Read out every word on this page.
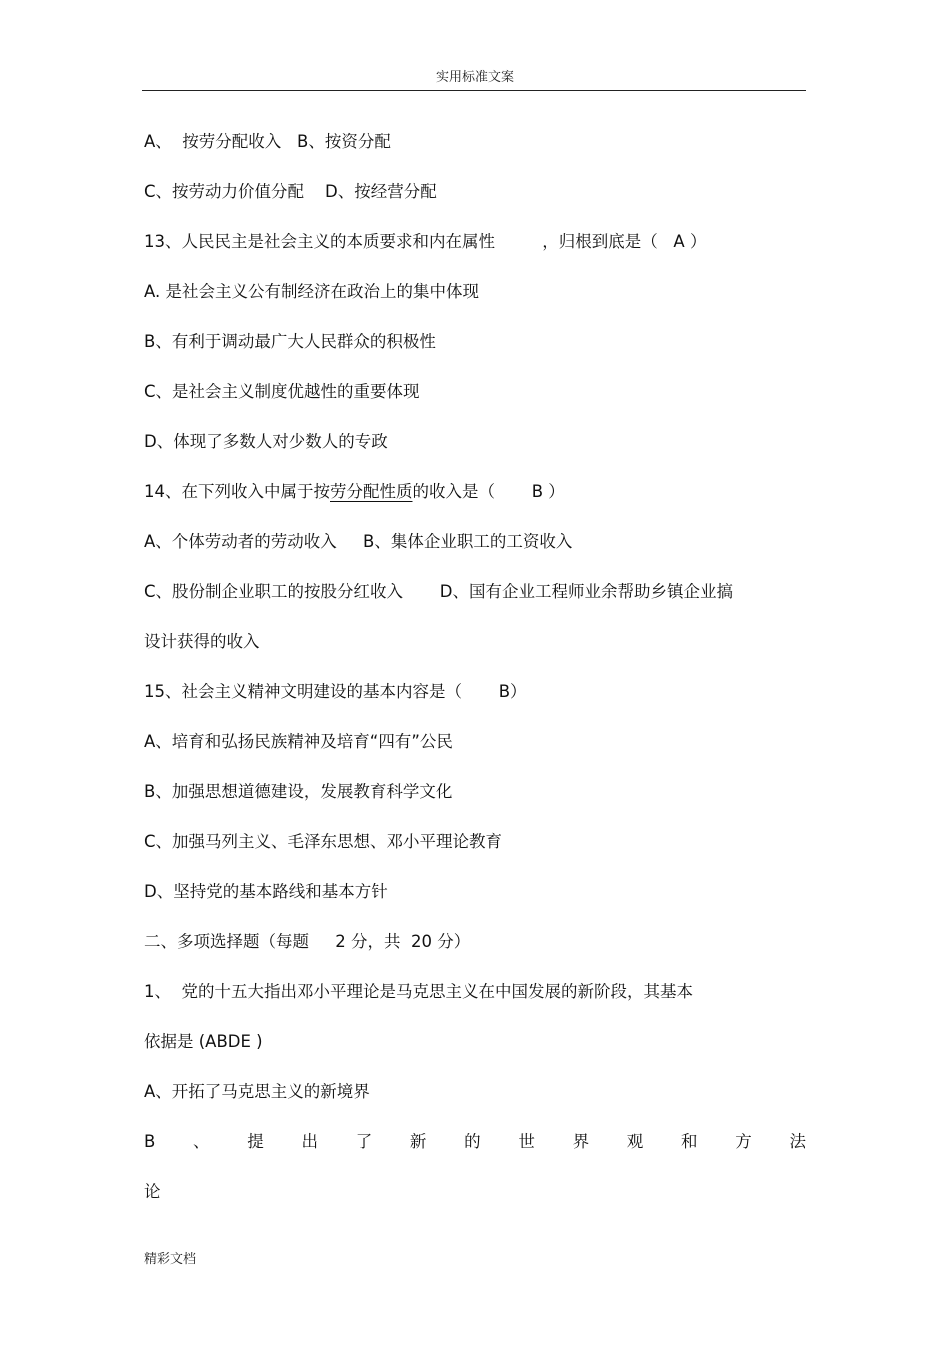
实用标准文案
A、  按劳分配收入   B、按资分配
C、按劳动力价值分配    D、按经营分配
13、人民民主是社会主义的本质要求和内在属性         ，归根到底是（   A ）
A. 是社会主义公有制经济在政治上的集中体现
B、有利于调动最广大人民群众的积极性
C、是社会主义制度优越性的重要体现
D、体现了多数人对少数人的专政
14、在下列收入中属于按劳分配性质的收入是（       B ）
A、个体劳动者的劳动收入     B、集体企业职工的工资收入
C、股份制企业职工的按股分红收入       D、国有企业工程师业余帮助乡镇企业搞
设计获得的收入
15、社会主义精神文明建设的基本内容是（       B）
A、培育和弘扬民族精神及培育“四有”公民
B、加强思想道德建设，发展教育科学文化
C、加强马列主义、毛泽东思想、邓小平理论教育
D、坚持党的基本路线和基本方针
二、多项选择题（每题     2 分，共  20 分）
1、  党的十五大指出邓小平理论是马克思主义在中国发展的新阶段，其基本
依据是 (ABDE )
A、开拓了马克思主义的新境界
B 、 提 出 了 新 的 世 界 观 和 方 法
论
精彩文档
